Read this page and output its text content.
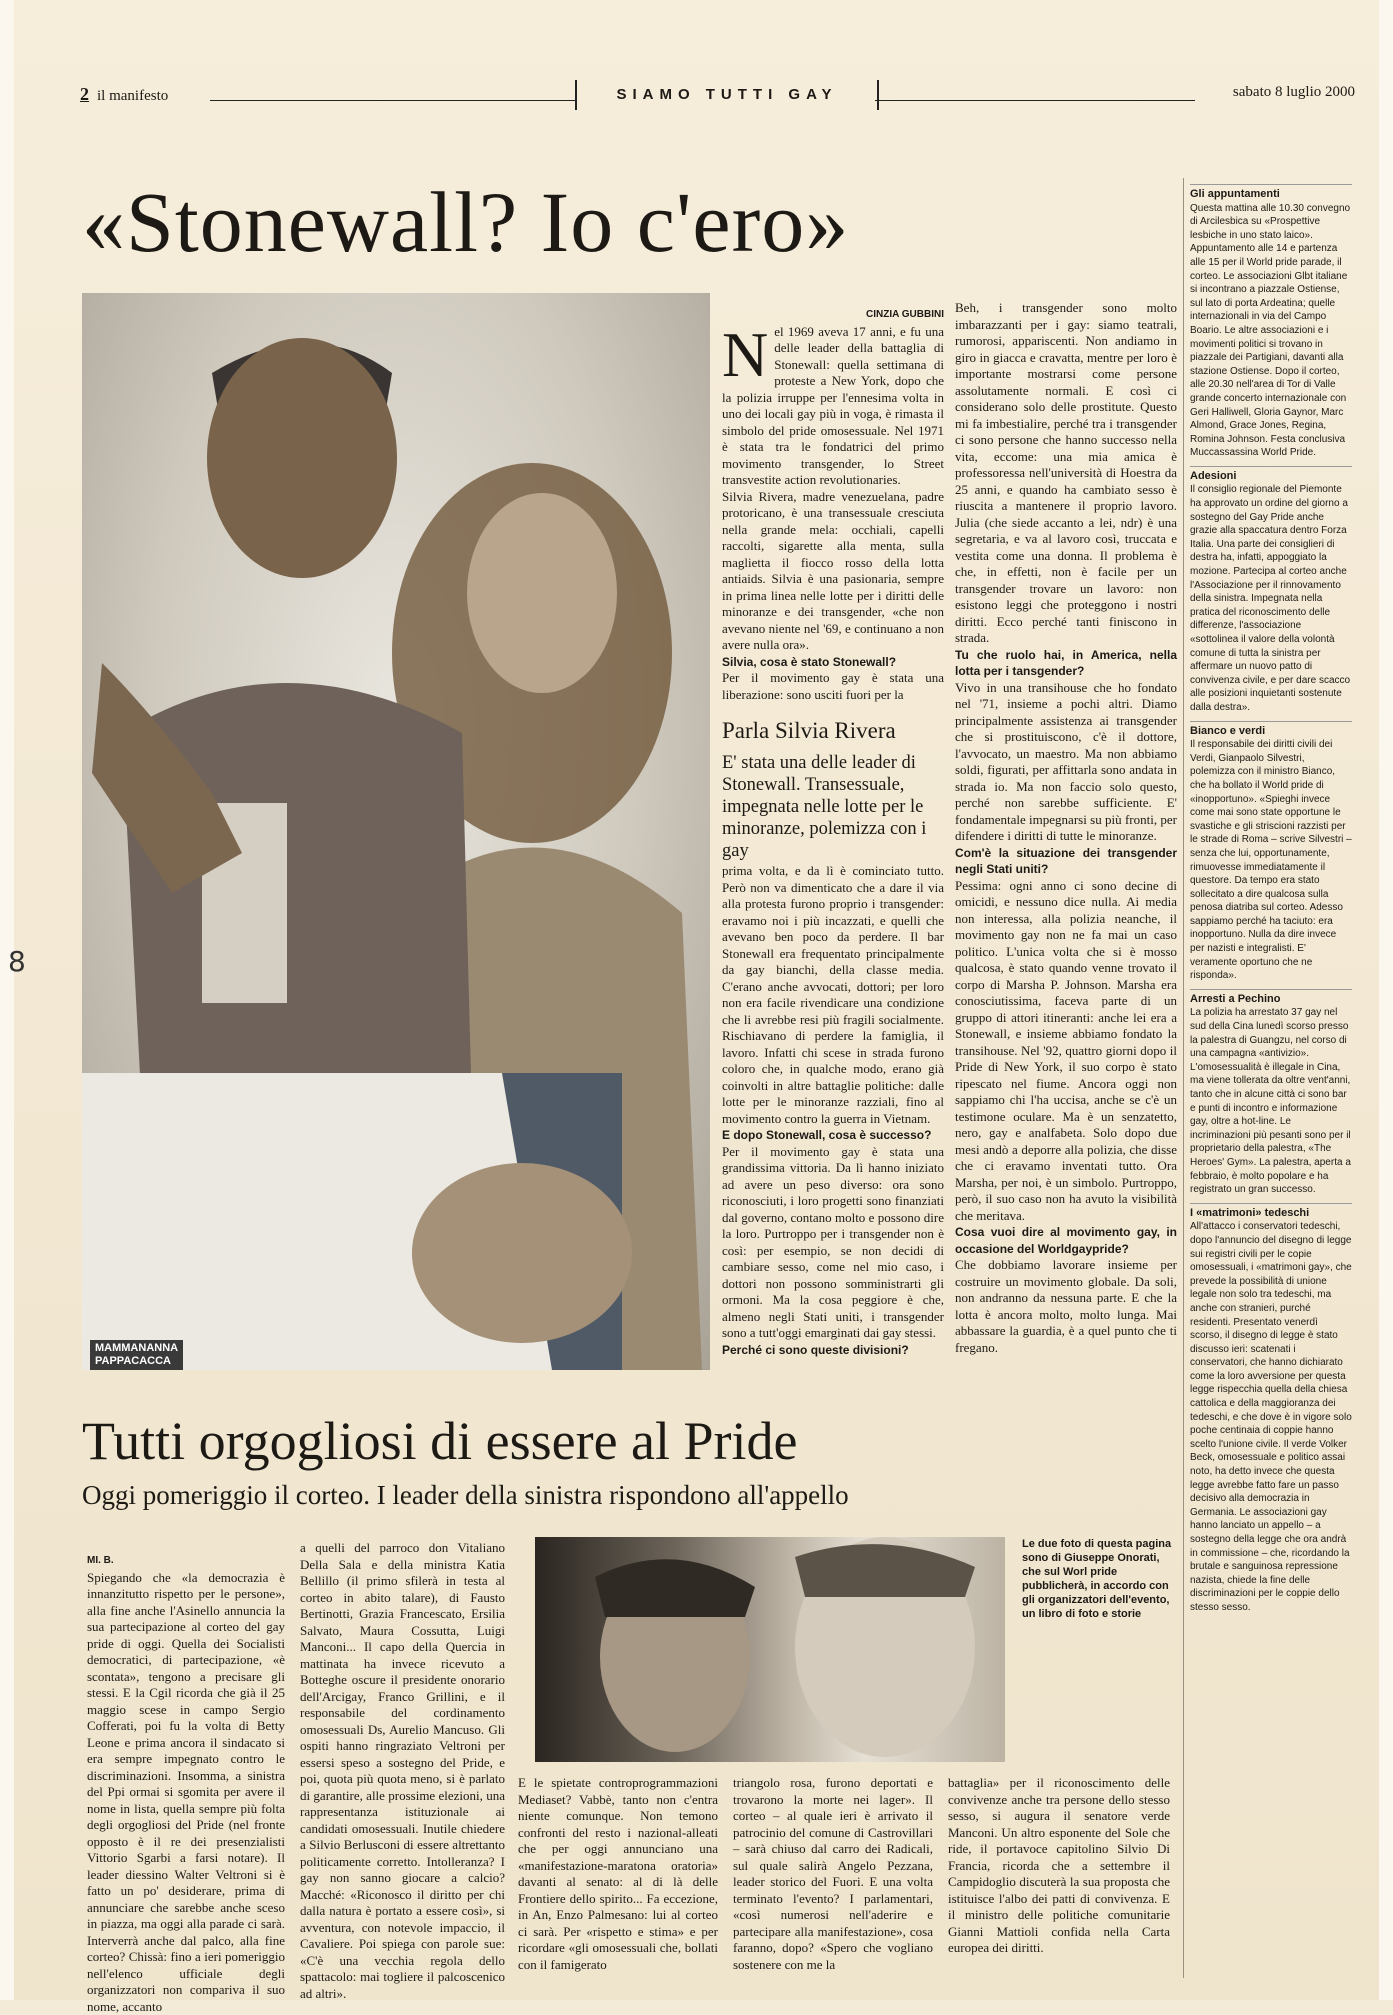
2 il manifesto	SIAMO TUTTI GAY	sabato 8 luglio 2000
«Stonewall? Io c'ero»
MAMMANANNA
PAPPACACCA
CINZIA GUBBINI
N el 1969 aveva 17 anni, e fu una delle leader della battaglia di Stonewall: quella settimana di proteste a New York, dopo che la polizia irruppe per l'ennesima volta in uno dei locali gay più in voga, è rimasta il simbolo del pride omosessuale. Nel 1971 è stata tra le fondatrici del primo movimento transgender, lo Street transvestite action revolutionaries.

Silvia Rivera, madre venezuelana, padre protoricano, è una transessuale cresciuta nella grande mela: occhiali, capelli raccolti, sigarette alla menta, sulla maglietta il fiocco rosso della lotta antiaids. Silvia è una pasionaria, sempre in prima linea nelle lotte per i diritti delle minoranze e dei transgender, «che non avevano niente nel '69, e continuano a non avere nulla ora».

Silvia, cosa è stato Stonewall?

Per il movimento gay è stata una liberazione: sono usciti fuori per la

Parla Silvia Rivera
E' stata una delle leader di Stonewall. Transessuale, impegnata nelle lotte per le minoranze, polemizza con i gay

prima volta, e da lì è cominciato tutto. Però non va dimenticato che a dare il via alla protesta furono proprio i transgender: eravamo noi i più incazzati, e quelli che avevano ben poco da perdere. Il bar Stonewall era frequentato principalmente da gay bianchi, della classe media. C'erano anche avvocati, dottori; per loro non era facile rivendicare una condizione che li avrebbe resi più fragili socialmente. Rischiavano di perdere la famiglia, il lavoro. Infatti chi scese in strada furono coloro che, in qualche modo, erano già coinvolti in altre battaglie politiche: dalle lotte per le minoranze razziali, fino al movimento contro la guerra in Vietnam.

E dopo Stonewall, cosa è successo?

Per il movimento gay è stata una grandissima vittoria. Da lì hanno iniziato ad avere un peso diverso: ora sono riconosciuti, i loro progetti sono finanziati dal governo, contano molto e possono dire la loro. Purtroppo per i transgender non è così: per esempio, se non decidi di cambiare sesso, come nel mio caso, i dottori non possono somministrarti gli ormoni. Ma la cosa peggiore è che, almeno negli Stati uniti, i transgender sono a tutt'oggi emarginati dai gay stessi.

Perché ci sono queste divisioni?

Beh, i transgender sono molto imbarazzanti per i gay: siamo teatrali, rumorosi, appariscenti. Non andiamo in giro in giacca e cravatta, mentre per loro è importante mostrarsi come persone assolutamente normali. E così ci considerano solo delle prostitute. Questo mi fa imbestialire, perché tra i transgender ci sono persone che hanno successo nella vita, eccome: una mia amica è professoressa nell'università di Hoestra da 25 anni, e quando ha cambiato sesso è riuscita a mantenere il proprio lavoro. Julia (che siede accanto a lei, ndr) è una segretaria, e va al lavoro così, truccata e vestita come una donna. Il problema è che, in effetti, non è facile per un transgender trovare un lavoro: non esistono leggi che proteggono i nostri diritti. Ecco perché tanti finiscono in strada.

Tu che ruolo hai, in America, nella lotta per i tansgender?

Vivo in una transihouse che ho fondato nel '71, insieme a pochi altri. Diamo principalmente assistenza ai transgender che si prostituiscono, c'è il dottore, l'avvocato, un maestro. Ma non abbiamo soldi, figurati, per affittarla sono andata in strada io. Ma non faccio solo questo, perché non sarebbe sufficiente. E' fondamentale impegnarsi su più fronti, per difendere i diritti di tutte le minoranze.

Com'è la situazione dei transgender negli Stati uniti?

Pessima: ogni anno ci sono decine di omicidi, e nessuno dice nulla. Ai media non interessa, alla polizia neanche, il movimento gay non ne fa mai un caso politico. L'unica volta che si è mosso qualcosa, è stato quando venne trovato il corpo di Marsha P. Johnson. Marsha era conosciutissima, faceva parte di un gruppo di attori itineranti: anche lei era a Stonewall, e insieme abbiamo fondato la transihouse. Nel '92, quattro giorni dopo il Pride di New York, il suo corpo è stato ripescato nel fiume. Ancora oggi non sappiamo chi l'ha uccisa, anche se c'è un testimone oculare. Ma è un senzatetto, nero, gay e analfabeta. Solo dopo due mesi andò a deporre alla polizia, che disse che ci eravamo inventati tutto. Ora Marsha, per noi, è un simbolo. Purtroppo, però, il suo caso non ha avuto la visibilità che meritava.

Cosa vuoi dire al movimento gay, in occasione del Worldgaypride?

Che dobbiamo lavorare insieme per costruire un movimento globale. Da soli, non andranno da nessuna parte. E che la lotta è ancora molto, molto lunga. Mai abbassare la guardia, è a quel punto che ti fregano.

Gli appuntamenti

Questa mattina alle 10.30 convegno di Arcilesbica su «Prospettive lesbiche in uno stato laico». Appuntamento alle 14 e partenza alle 15 per il World pride parade, il corteo. Le associazioni Glbt italiane si incontrano a piazzale Ostiense, sul lato di porta Ardeatina; quelle internazionali in via del Campo Boario. Le altre associazioni e i movimenti politici si trovano in piazzale dei Partigiani, davanti alla stazione Ostiense. Dopo il corteo, alle 20.30 nell'area di Tor di Valle grande concerto internazionale con Geri Halliwell, Gloria Gaynor, Marc Almond, Grace Jones, Regina, Romina Johnson. Festa conclusiva Muccassassina World Pride.

Adesioni

Il consiglio regionale del Piemonte ha approvato un ordine del giorno a sostegno del Gay Pride anche grazie alla spaccatura dentro Forza Italia. Una parte dei consiglieri di destra ha, infatti, appoggiato la mozione. Partecipa al corteo anche l'Associazione per il rinnovamento della sinistra. Impegnata nella pratica del riconoscimento delle differenze, l'associazione «sottolinea il valore della volontà comune di tutta la sinistra per affermare un nuovo patto di convivenza civile, e per dare scacco alle posizioni inquietanti sostenute dalla destra».

Bianco e verdi

Il responsabile dei diritti civili dei Verdi, Gianpaolo Silvestri, polemizza con il ministro Bianco, che ha bollato il World pride di «inopportuno». «Spieghi invece come mai sono state opportune le svastiche e gli striscioni razzisti per le strade di Roma – scrive Silvestri – senza che lui, opportunamente, rimuovesse immediatamente il questore. Da tempo era stato sollecitato a dire qualcosa sulla penosa diatriba sul corteo. Adesso sappiamo perché ha taciuto: era inopportuno. Nulla da dire invece per nazisti e integralisti. E' veramente oportuno che ne risponda».

Arresti a Pechino

La polizia ha arrestato 37 gay nel sud della Cina lunedì scorso presso la palestra di Guangzu, nel corso di una campagna «antivizio». L'omosessualità è illegale in Cina, ma viene tollerata da oltre vent'anni, tanto che in alcune città ci sono bar e punti di incontro e informazione gay, oltre a hot-line. Le incriminazioni più pesanti sono per il proprietario della palestra, «The Heroes' Gym». La palestra, aperta a febbraio, è molto popolare e ha registrato un gran successo.

I «matrimoni» tedeschi

All'attacco i conservatori tedeschi, dopo l'annuncio del disegno di legge sui registri civili per le copie omosessuali, i «matrimoni gay», che prevede la possibilità di unione legale non solo tra tedeschi, ma anche con stranieri, purché residenti. Presentato venerdì scorso, il disegno di legge è stato discusso ieri: scatenati i conservatori, che hanno dichiarato come la loro avversione per questa legge rispecchia quella della chiesa cattolica e della maggioranza dei tedeschi, e che dove è in vigore solo poche centinaia di coppie hanno scelto l'unione civile. Il verde Volker Beck, omosessuale e politico assai noto, ha detto invece che questa legge avrebbe fatto fare un passo decisivo alla democrazia in Germania. Le associazioni gay hanno lanciato un appello – a sostegno della legge che ora andrà in commissione – che, ricordando la brutale e sanguinosa repressione nazista, chiede la fine delle discriminazioni per le coppie dello stesso sesso.

Tutti orgogliosi di essere al Pride
Oggi pomeriggio il corteo. I leader della sinistra rispondono all'appello

MI. B.

Spiegando che «la democrazia è innanzitutto rispetto per le persone», alla fine anche l'Asinello annuncia la sua partecipazione al corteo del gay pride di oggi. Quella dei Socialisti democratici, di partecipazione, «è scontata», tengono a precisare gli stessi. E la Cgil ricorda che già il 25 maggio scese in campo Sergio Cofferati, poi fu la volta di Betty Leone e prima ancora il sindacato si era sempre impegnato contro le discriminazioni. Insomma, a sinistra del Ppi ormai si sgomita per avere il nome in lista, quella sempre più folta degli orgogliosi del Pride (nel fronte opposto è il re dei presenzialisti Vittorio Sgarbi a farsi notare). Il leader diessino Walter Veltroni si è fatto un po' desiderare, prima di annunciare che sarebbe anche sceso in piazza, ma oggi alla parade ci sarà. Interverrà anche dal palco, alla fine corteo? Chissà: fino a ieri pomeriggio nell'elenco ufficiale degli organizzatori non compariva il suo nome, accanto

a quelli del parroco don Vitaliano Della Sala e della ministra Katia Bellillo (il primo sfilerà in testa al corteo in abito talare), di Fausto Bertinotti, Grazia Francescato, Ersilia Salvato, Maura Cossutta, Luigi Manconi... Il capo della Quercia in mattinata ha invece ricevuto a Botteghe oscure il presidente onorario dell'Arcigay, Franco Grillini, e il responsabile del cordinamento omosessuali Ds, Aurelio Mancuso. Gli ospiti hanno ringraziato Veltroni per essersi speso a sostegno del Pride, e poi, quota più quota meno, si è parlato di garantire, alle prossime elezioni, una rappresentanza istituzionale ai candidati omosessuali. Inutile chiedere a Silvio Berlusconi di essere altrettanto politicamente corretto. Intolleranza? I gay non sanno giocare a calcio? Macché: «Riconosco il diritto per chi dalla natura è portato a essere così», si avventura, con notevole impaccio, il Cavaliere. Poi spiega con parole sue: «C'è una vecchia regola dello spattacolo: mai togliere il palcoscenico ad altri».

Le due foto di questa pagina sono di Giuseppe Onorati, che sul Worl pride pubblicherà, in accordo con gli organizzatori dell'evento, un libro di foto e storie

E le spietate controprogrammazioni Mediaset? Vabbè, tanto non c'entra niente comunque. Non temono confronti del resto i nazional-alleati che per oggi annunciano una «manifestazione-maratona oratoria» davanti al senato: al di là delle Frontiere dello spirito... Fa eccezione, in An, Enzo Palmesano: lui al corteo ci sarà. Per «rispetto e stima» e per ricordare «gli omosessuali che, bollati con il famigerato

triangolo rosa, furono deportati e trovarono la morte nei lager». Il corteo – al quale ieri è arrivato il patrocinio del comune di Castrovillari – sarà chiuso dal carro dei Radicali, sul quale salirà Angelo Pezzana, leader storico del Fuori. E una volta terminato l'evento? I parlamentari, «così numerosi nell'aderire e partecipare alla manifestazione», cosa faranno, dopo? «Spero che vogliano sostenere con me la

battaglia» per il riconoscimento delle convivenze anche tra persone dello stesso sesso, si augura il senatore verde Manconi. Un altro esponente del Sole che ride, il portavoce capitolino Silvio Di Francia, ricorda che a settembre il Campidoglio discuterà la sua proposta che istituisce l'albo dei patti di convivenza. E il ministro delle politiche comunitarie Gianni Mattioli confida nella Carta europea dei diritti.

8
